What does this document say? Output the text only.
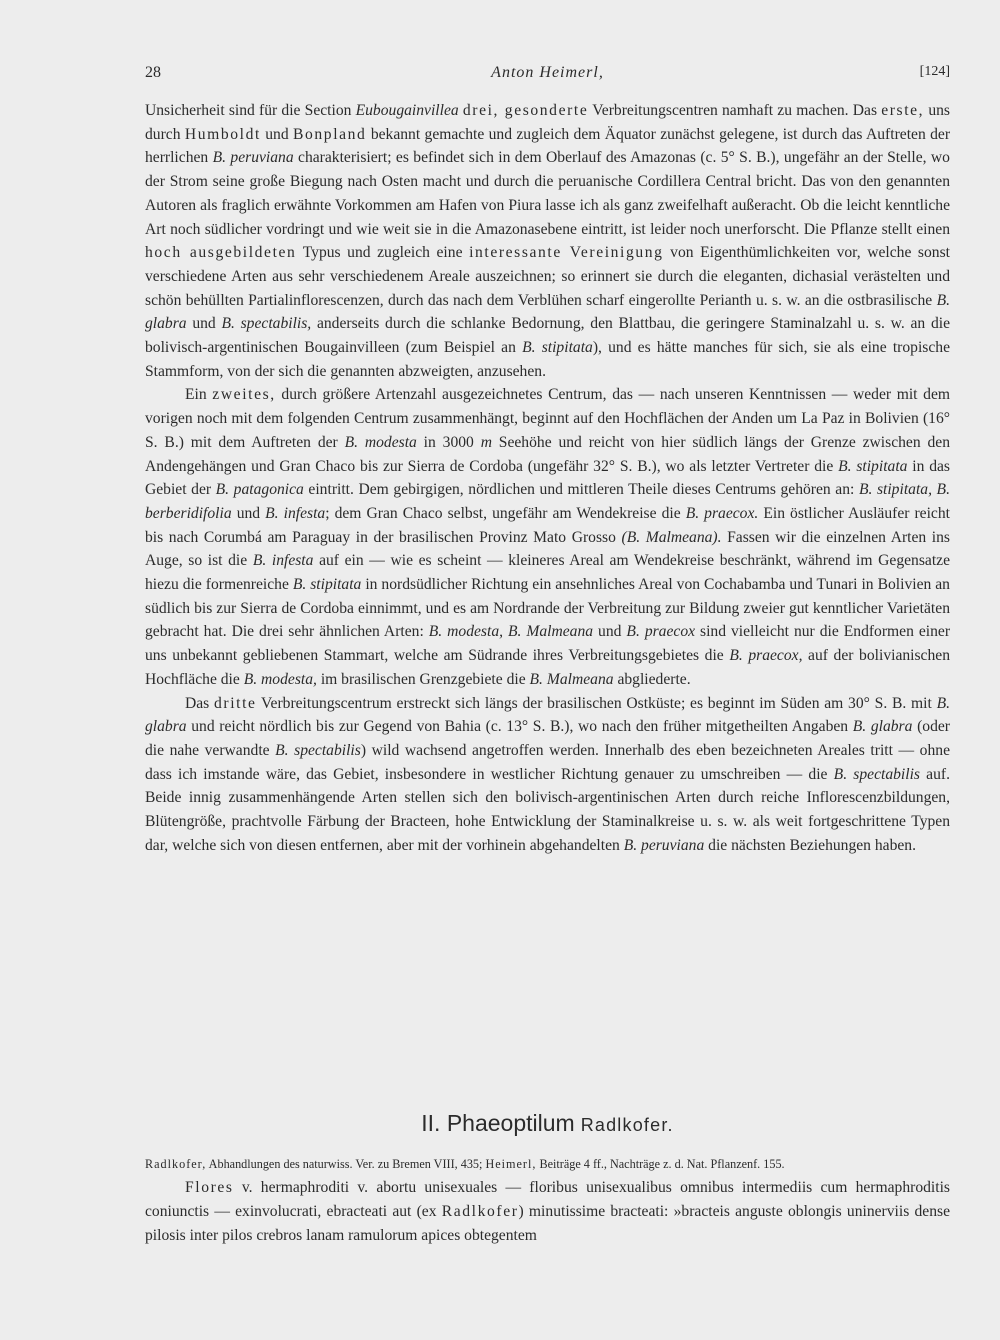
28	Anton Heimerl,	[124]

Unsicherheit sind für die Section Eubougainvillea drei, gesonderte Verbreitungscentren namhaft zu machen. Das erste, uns durch Humboldt und Bonpland bekannt gemachte und zugleich dem Äquator zunächst gelegene, ist durch das Auftreten der herrlichen B. peruviana charakterisiert; es befindet sich in dem Oberlauf des Amazonas (c. 5° S. B.), ungefähr an der Stelle, wo der Strom seine große Biegung nach Osten macht und durch die peruanische Cordillera Central bricht. Das von den genannten Autoren als fraglich erwähnte Vorkommen am Hafen von Piura lasse ich als ganz zweifelhaft außeracht. Ob die leicht kenntliche Art noch südlicher vordringt und wie weit sie in die Amazonasebene eintritt, ist leider noch unerforscht. Die Pflanze stellt einen hoch ausgebildeten Typus und zugleich eine interessante Vereinigung von Eigenthümlichkeiten vor, welche sonst verschiedene Arten aus sehr verschiedenem Areale auszeichnen; so erinnert sie durch die eleganten, dichasial verästelten und schön behüllten Partialinflorescenzen, durch das nach dem Verblühen scharf eingerollte Perianth u. s. w. an die ostbrasilische B. glabra und B. spectabilis, anderseits durch die schlanke Bedornung, den Blattbau, die geringere Staminalzahl u. s. w. an die bolivisch-argentinischen Bougainvilleen (zum Beispiel an B. stipitata), und es hätte manches für sich, sie als eine tropische Stammform, von der sich die genannten abzweigten, anzusehen.

Ein zweites, durch größere Artenzahl ausgezeichnetes Centrum, das — nach unseren Kenntnissen — weder mit dem vorigen noch mit dem folgenden Centrum zusammenhängt, beginnt auf den Hochflächen der Anden um La Paz in Bolivien (16° S. B.) mit dem Auftreten der B. modesta in 3000 m Seehöhe und reicht von hier südlich längs der Grenze zwischen den Andengehängen und Gran Chaco bis zur Sierra de Cordoba (ungefähr 32° S. B.), wo als letzter Vertreter die B. stipitata in das Gebiet der B. patagonica eintritt. Dem gebirgigen, nördlichen und mittleren Theile dieses Centrums gehören an: B. stipitata, B. berberidifolia und B. infesta; dem Gran Chaco selbst, ungefähr am Wendekreise die B. praecox. Ein östlicher Ausläufer reicht bis nach Corumbá am Paraguay in der brasilischen Provinz Mato Grosso (B. Malmeana). Fassen wir die einzelnen Arten ins Auge, so ist die B. infesta auf ein — wie es scheint — kleineres Areal am Wendekreise beschränkt, während im Gegensatze hiezu die formenreiche B. stipitata in nordsüdlicher Richtung ein ansehnliches Areal von Cochabamba und Tunari in Bolivien an südlich bis zur Sierra de Cordoba einnimmt, und es am Nordrande der Verbreitung zur Bildung zweier gut kenntlicher Varietäten gebracht hat. Die drei sehr ähnlichen Arten: B. modesta, B. Malmeana und B. praecox sind vielleicht nur die Endformen einer uns unbekannt gebliebenen Stammart, welche am Südrande ihres Verbreitungsgebietes die B. praecox, auf der bolivianischen Hochfläche die B. modesta, im brasilischen Grenzgebiete die B. Malmeana abgliederte.

Das dritte Verbreitungscentrum erstreckt sich längs der brasilischen Ostküste; es beginnt im Süden am 30° S. B. mit B. glabra und reicht nördlich bis zur Gegend von Bahia (c. 13° S. B.), wo nach den früher mitgetheilten Angaben B. glabra (oder die nahe verwandte B. spectabilis) wild wachsend angetroffen werden. Innerhalb des eben bezeichneten Areales tritt — ohne dass ich imstande wäre, das Gebiet, insbesondere in westlicher Richtung genauer zu umschreiben — die B. spectabilis auf. Beide innig zusammenhängende Arten stellen sich den bolivisch-argentinischen Arten durch reiche Inflorescenzbildungen, Blütengröße, prachtvolle Färbung der Bracteen, hohe Entwicklung der Staminalkreise u. s. w. als weit fortgeschrittene Typen dar, welche sich von diesen entfernen, aber mit der vorhinein abgehandelten B. peruviana die nächsten Beziehungen haben.

II. Phaeoptilum Radlkofer.
Radlkofer, Abhandlungen des naturwiss. Ver. zu Bremen VIII, 435; Heimerl, Beiträge 4 ff., Nachträge z. d. Nat. Pflanzenf. 155.

Flores v. hermaphroditi v. abortu unisexuales — floribus unisexualibus omnibus intermediis cum hermaphroditis coniunctis — exinvolucrati, ebracteati aut (ex Radlkofer) minutissime bracteati: »bracteis anguste oblongis uninerviis dense pilosis inter pilos crebros lanam ramulorum apices obtegentem
